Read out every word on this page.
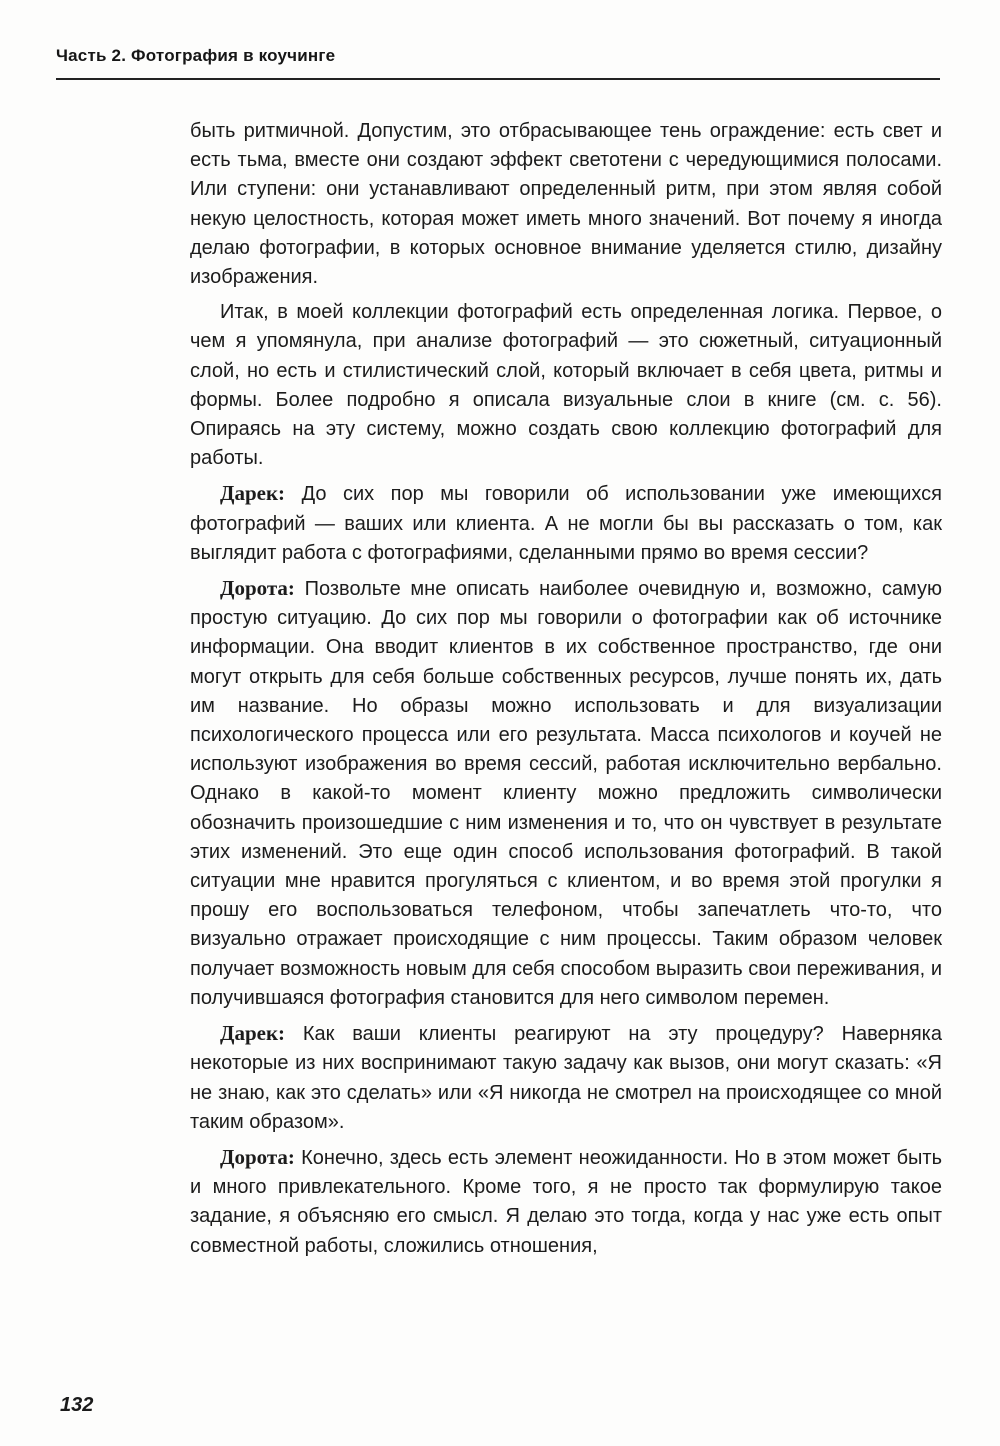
Часть 2. Фотография в коучинге

быть ритмичной. Допустим, это отбрасывающее тень ограждение: есть свет и есть тьма, вместе они создают эффект светотени с чередующимися полосами. Или ступени: они устанавливают определенный ритм, при этом являя собой некую целостность, которая может иметь много значений. Вот почему я иногда делаю фотографии, в которых основное внимание уделяется стилю, дизайну изображения.

Итак, в моей коллекции фотографий есть определенная логика. Первое, о чем я упомянула, при анализе фотографий — это сюжетный, ситуационный слой, но есть и стилистический слой, который включает в себя цвета, ритмы и формы. Более подробно я описала визуальные слои в книге (см. с. 56). Опираясь на эту систему, можно создать свою коллекцию фотографий для работы.

Дарек: До сих пор мы говорили об использовании уже имеющихся фотографий — ваших или клиента. А не могли бы вы рассказать о том, как выглядит работа с фотографиями, сделанными прямо во время сессии?

Дорота: Позвольте мне описать наиболее очевидную и, возможно, самую простую ситуацию. До сих пор мы говорили о фотографии как об источнике информации. Она вводит клиентов в их собственное пространство, где они могут открыть для себя больше собственных ресурсов, лучше понять их, дать им название. Но образы можно использовать и для визуализации психологического процесса или его результата. Масса психологов и коучей не используют изображения во время сессий, работая исключительно вербально. Однако в какой-то момент клиенту можно предложить символически обозначить произошедшие с ним изменения и то, что он чувствует в результате этих изменений. Это еще один способ использования фотографий. В такой ситуации мне нравится прогуляться с клиентом, и во время этой прогулки я прошу его воспользоваться телефоном, чтобы запечатлеть что-то, что визуально отражает происходящие с ним процессы. Таким образом человек получает возможность новым для себя способом выразить свои переживания, и получившаяся фотография становится для него символом перемен.

Дарек: Как ваши клиенты реагируют на эту процедуру? Наверняка некоторые из них воспринимают такую задачу как вызов, они могут сказать: «Я не знаю, как это сделать» или «Я никогда не смотрел на происходящее со мной таким образом».

Дорота: Конечно, здесь есть элемент неожиданности. Но в этом может быть и много привлекательного. Кроме того, я не просто так формулирую такое задание, я объясняю его смысл. Я делаю это тогда, когда у нас уже есть опыт совместной работы, сложились отношения,

132
